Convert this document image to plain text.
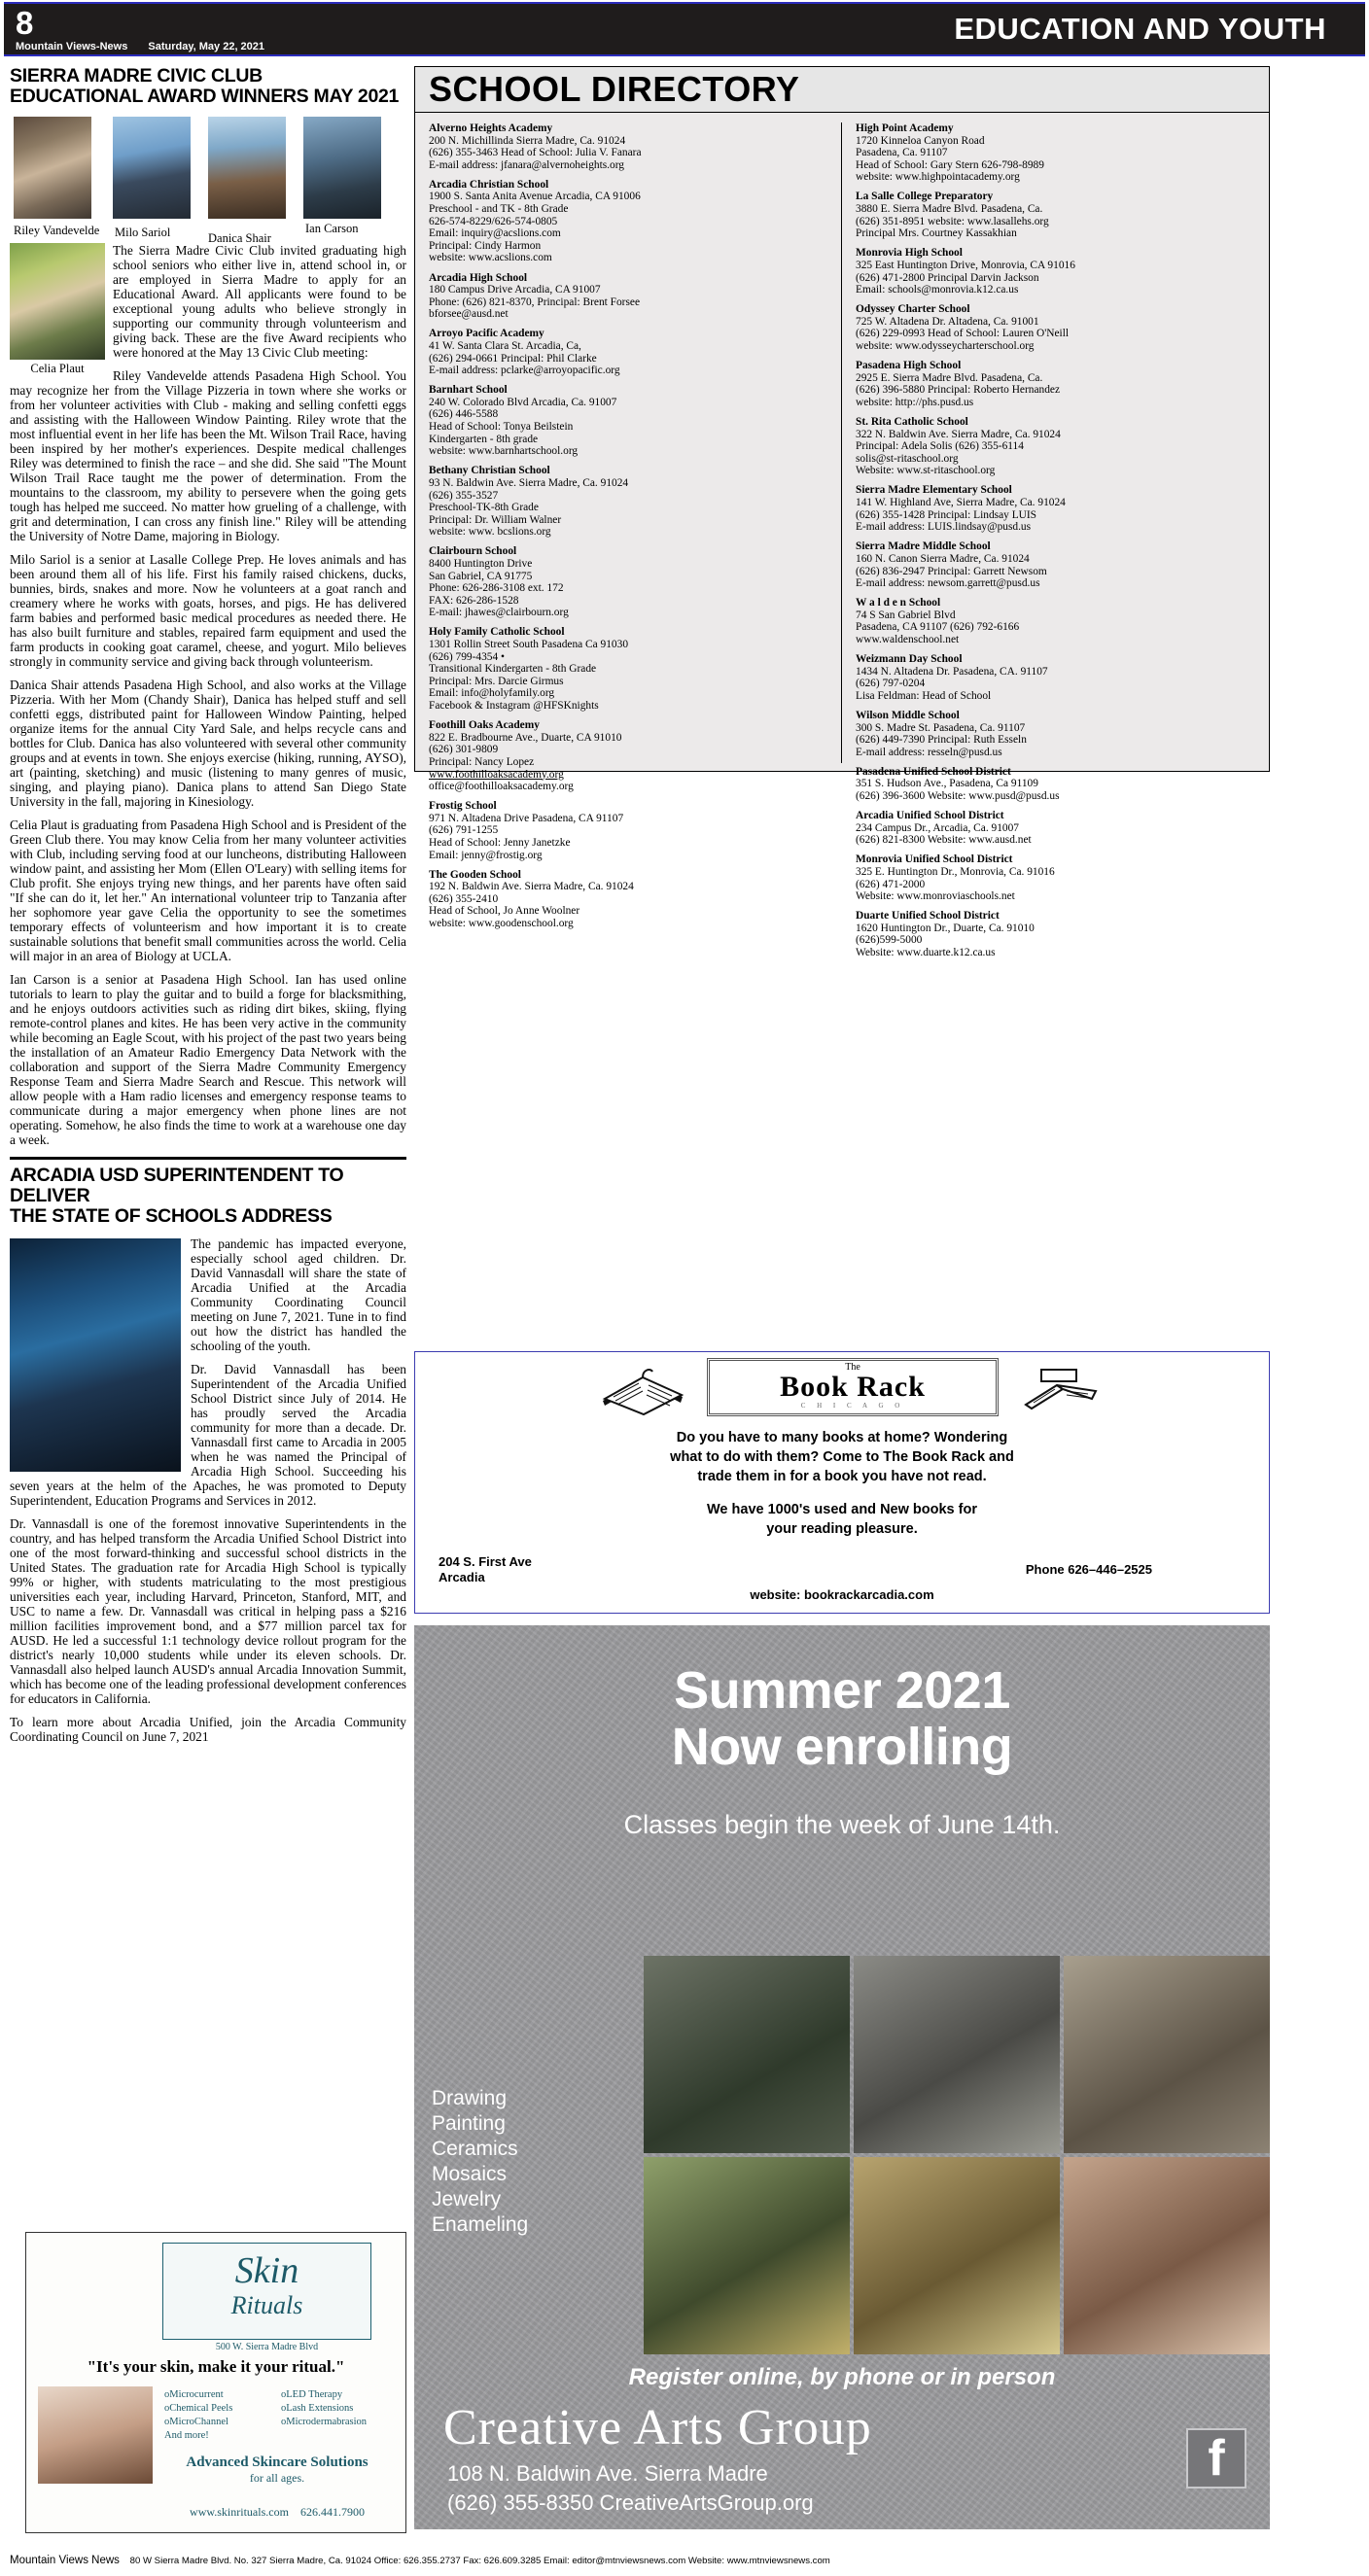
8
Mountain Views-News Saturday, May 22, 2021
EDUCATION AND YOUTH
SIERRA MADRE CIVIC CLUB
EDUCATIONAL AWARD WINNERS MAY 2021
Riley Vandevelde Milo Sariol	Danica Shair
Ian Carson
Celia Plaut

The Sierra Madre Civic Club invited graduating high school seniors who either live in, attend school in, or are employed in Sierra Madre to apply for an Educational Award. All applicants were found to be exceptional young adults who believe strongly in supporting our community through volunteerism and giving back. These are the five Award recipients who were honored at the May 13 Civic Club meeting:

Riley Vandevelde attends Pasadena High School. You may recognize her from the Village Pizzeria in town where she works or from her volunteer activities with Club - making and selling confetti eggs and assisting with the Halloween Window Painting. Riley wrote that the most influential event in her life has been the Mt. Wilson Trail Race, having been inspired by her mother's experiences. Despite medical challenges Riley was determined to finish the race – and she did. She said "The Mount Wilson Trail Race taught me the power of determination. From the mountains to the classroom, my ability to persevere when the going gets tough has helped me succeed. No matter how grueling of a challenge, with grit and determination, I can cross any finish line." Riley will be attending the University of Notre Dame, majoring in Biology.

Milo Sariol is a senior at Lasalle College Prep. He loves animals and has been around them all of his life. First his family raised chickens, ducks, bunnies, birds, snakes and more. Now he volunteers at a goat ranch and creamery where he works with goats, horses, and pigs. He has delivered farm babies and performed basic medical procedures as needed there. He has also built furniture and stables, repaired farm equipment and used the farm products in cooking goat caramel, cheese, and yogurt. Milo believes strongly in community service and giving back through volunteerism.

Danica Shair attends Pasadena High School, and also works at the Village Pizzeria. With her Mom (Chandy Shair), Danica has helped stuff and sell confetti eggs, distributed paint for Halloween Window Painting, helped organize items for the annual City Yard Sale, and helps recycle cans and bottles for Club. Danica has also volunteered with several other community groups and at events in town. She enjoys exercise (hiking, running, AYSO), art (painting, sketching) and music (listening to many genres of music, singing, and playing piano). Danica plans to attend San Diego State University in the fall, majoring in Kinesiology.

Celia Plaut is graduating from Pasadena High School and is President of the Green Club there. You may know Celia from her many volunteer activities with Club, including serving food at our luncheons, distributing Halloween window paint, and assisting her Mom (Ellen O'Leary) with selling items for Club profit. She enjoys trying new things, and her parents have often said "If she can do it, let her." An international volunteer trip to Tanzania after her sophomore year gave Celia the opportunity to see the sometimes temporary effects of volunteerism and how important it is to create sustainable solutions that benefit small communities across the world. Celia will major in an area of Biology at UCLA.

Ian Carson is a senior at Pasadena High School. Ian has used online tutorials to learn to play the guitar and to build a forge for blacksmithing, and he enjoys outdoors activities such as riding dirt bikes, skiing, flying remote-control planes and kites. He has been very active in the community while becoming an Eagle Scout, with his project of the past two years being the installation of an Amateur Radio Emergency Data Network with the collaboration and support of the Sierra Madre Community Emergency Response Team and Sierra Madre Search and Rescue. This network will allow people with a Ham radio licenses and emergency response teams to communicate during a major emergency when phone lines are not operating. Somehow, he also finds the time to work at a warehouse one day a week.

ARCADIA USD SUPERINTENDENT TO DELIVER
THE STATE OF SCHOOLS ADDRESS

The pandemic has impacted everyone, especially school aged children. Dr. David Vannasdall will share the state of Arcadia Unified at the Arcadia Community Coordinating Council meeting on June 7, 2021. Tune in to find out how the district has handled the schooling of the youth.

Dr. David Vannasdall has been Superintendent of the Arcadia Unified School District since July of 2014. He has proudly served the Arcadia community for more than a decade. Dr. Vannasdall first came to Arcadia in 2005 when he was named the Principal of Arcadia High School. Succeeding his seven years at the helm of the Apaches, he was promoted to Deputy Superintendent, Education Programs and Services in 2012.

Dr. Vannasdall is one of the foremost innovative Superintendents in the country, and has helped transform the Arcadia Unified School District into one of the most forward-thinking and successful school districts in the United States. The graduation rate for Arcadia High School is typically 99% or higher, with students matriculating to the most prestigious universities each year, including Harvard, Princeton, Stanford, MIT, and USC to name a few. Dr. Vannasdall was critical in helping pass a $216 million facilities improvement bond, and a $77 million parcel tax for AUSD. He led a successful 1:1 technology device rollout program for the district's nearly 10,000 students while under its eleven schools. Dr. Vannasdall also helped launch AUSD's annual Arcadia Innovation Summit, which has become one of the leading professional development conferences for educators in California.

To learn more about Arcadia Unified, join the Arcadia Community Coordinating Council on June 7, 2021

SCHOOL DIRECTORY
Alverno Heights Academy
200 N. Michillinda Sierra Madre, Ca. 91024
(626) 355-3463 Head of School: Julia V. Fanara
E-mail address: jfanara@alvernoheights.org
Arcadia Christian School
1900 S. Santa Anita Avenue Arcadia, CA 91006
Preschool - and TK - 8th Grade
626-574-8229/626-574-0805
Email: inquiry@acslions.com
Principal: Cindy Harmon
website: www.acslions.com
Arcadia High School
180 Campus Drive Arcadia, CA 91007
Phone: (626) 821-8370, Principal: Brent Forsee
bforsee@ausd.net
Arroyo Pacific Academy
41 W. Santa Clara St. Arcadia, Ca,
(626) 294-0661 Principal: Phil Clarke
E-mail address: pclarke@arroyopacific.org
Barnhart School
240 W. Colorado Blvd Arcadia, Ca. 91007
(626) 446-5588
Head of School: Tonya Beilstein
Kindergarten - 8th grade
website: www.barnhartschool.org
Bethany Christian School
93 N. Baldwin Ave. Sierra Madre, Ca. 91024
(626) 355-3527
Preschool-TK-8th Grade
Principal: Dr. William Walner
website: www. bcslions.org
Clairbourn School
8400 Huntington Drive
San Gabriel, CA 91775
Phone: 626-286-3108 ext. 172
FAX: 626-286-1528
E-mail: jhawes@clairbourn.org
Holy Family Catholic School
1301 Rollin Street South Pasadena Ca 91030
(626) 799-4354 •
Transitional Kindergarten - 8th Grade
Principal: Mrs. Darcie Girmus
Email: info@holyfamily.org
Facebook & Instagram @HFSKnights
Foothill Oaks Academy
822 E. Bradbourne Ave., Duarte, CA 91010
(626) 301-9809
Principal: Nancy Lopez
www.foothilloaksacademy.org
office@foothilloaksacademy.org
Frostig School
971 N. Altadena Drive Pasadena, CA 91107
(626) 791-1255
Head of School: Jenny Janetzke
Email: jenny@frostig.org
The Gooden School
192 N. Baldwin Ave. Sierra Madre, Ca. 91024
(626) 355-2410
Head of School, Jo Anne Woolner
website: www.goodenschool.org
High Point Academy
1720 Kinneloa Canyon Road
Pasadena, Ca. 91107
Head of School: Gary Stern 626-798-8989
website: www.highpointacademy.org
La Salle College Preparatory
3880 E. Sierra Madre Blvd. Pasadena, Ca.
(626) 351-8951 website: www.lasallehs.org
Principal Mrs. Courtney Kassakhian
Monrovia High School
325 East Huntington Drive, Monrovia, CA 91016
(626) 471-2800 Principal Darvin Jackson
Email: schools@monrovia.k12.ca.us
Odyssey Charter School
725 W. Altadena Dr. Altadena, Ca. 91001
(626) 229-0993 Head of School: Lauren O'Neill
website: www.odysseycharterschool.org
Pasadena High School
2925 E. Sierra Madre Blvd. Pasadena, Ca.
(626) 396-5880 Principal: Roberto Hernandez
website: http://phs.pusd.us
St. Rita Catholic School
322 N. Baldwin Ave. Sierra Madre, Ca. 91024
Principal: Adela Solis (626) 355-6114
solis@st-ritaschool.org
Website: www.st-ritaschool.org
Sierra Madre Elementary School
141 W. Highland Ave, Sierra Madre, Ca. 91024
(626) 355-1428 Principal: Lindsay LUIS
E-mail address: LUIS.lindsay@pusd.us
Sierra Madre Middle School
160 N. Canon Sierra Madre, Ca. 91024
(626) 836-2947 Principal: Garrett Newsom
E-mail address: newsom.garrett@pusd.us
W a l d e n School
74 S San Gabriel Blvd
Pasadena, CA 91107 (626) 792-6166
www.waldenschool.net
Weizmann Day School
1434 N. Altadena Dr. Pasadena, CA. 91107
(626) 797-0204
Lisa Feldman: Head of School
Wilson Middle School
300 S. Madre St. Pasadena, Ca. 91107
(626) 449-7390 Principal: Ruth Esseln
E-mail address: resseln@pusd.us
Pasadena Unified School District
351 S. Hudson Ave., Pasadena, Ca 91109
(626) 396-3600 Website: www.pusd@pusd.us
Arcadia Unified School District
234 Campus Dr., Arcadia, Ca. 91007
(626) 821-8300 Website: www.ausd.net
Monrovia Unified School District
325 E. Huntington Dr., Monrovia, Ca. 91016
(626) 471-2000
Website: www.monroviaschools.net
Duarte Unified School District
1620 Huntington Dr., Duarte, Ca. 91010
(626)599-5000
Website: www.duarte.k12.ca.us
The
Book Rack
C H I C A G O
Do you have to many books at home? Wondering
what to do with them? Come to The Book Rack and
trade them in for a book you have not read.
We have 1000's used and New books for
your reading pleasure.
204 S. First Ave
Arcadia
Phone 626–446–2525
website: bookrackarcadia.com
Summer 2021
Now enrolling
Classes begin the week of June 14th.
Drawing
Painting
Ceramics
Mosaics
Jewelry
Enameling
Register online, by phone or in person
Creative Arts Group
108 N. Baldwin Ave. Sierra Madre
(626) 355-8350 CreativeArtsGroup.org
f
Skin
Rituals
500 W. Sierra Madre Blvd
"It's your skin, make it your ritual."
oMicrocurrent	oLED Therapy
oChemical Peels	oLash Extensions
oMicroChannel	oMicrodermabrasion
And more!
Advanced Skincare Solutions
for all ages.
www.skinrituals.com 626.441.7900
Mountain Views News 80 W Sierra Madre Blvd. No. 327 Sierra Madre, Ca. 91024 Office: 626.355.2737 Fax: 626.609.3285 Email: editor@mtnviewsnews.com Website: www.mtnviewsnews.com
